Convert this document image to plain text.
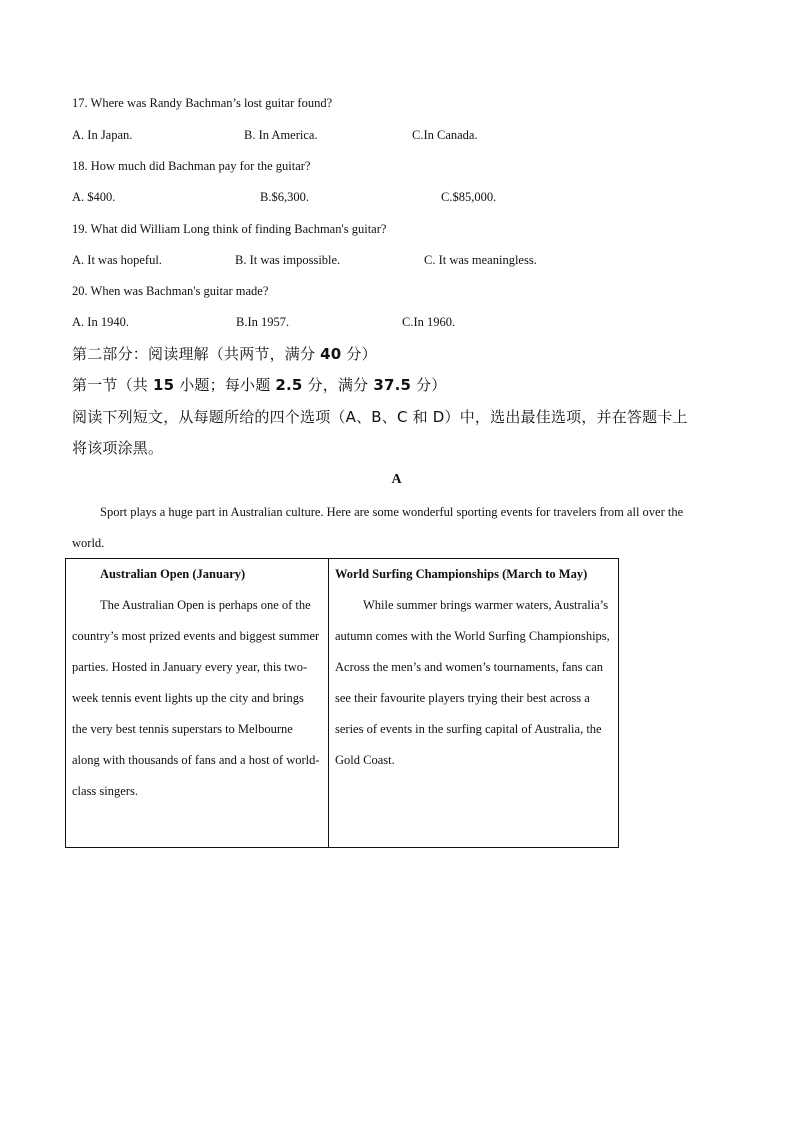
17. Where was Randy Bachman’s lost guitar found?
A. In Japan.	B. In America.	C.In Canada.
18. How much did Bachman pay for the guitar?
A. $400.	B.$6,300.	C.$85,000.
19. What did William Long think of finding Bachman's guitar?
A. It was hopeful.	B. It was impossible.	C. It was meaningless.
20. When was Bachman's guitar made?
A. In 1940.	B.In 1957.	C.In 1960.
第二部分：阅读理解（共两节，满分 40 分）
第一节（共 15 小题；每小题 2.5 分，满分 37.5 分）
阅读下列短文，从每题所给的四个选项（A、B、C 和 D）中，选出最佳选项，并在答题卡上
将该项涂黑。
A
Sport plays a huge part in Australian culture. Here are some wonderful sporting events for travelers from all over the world.
Australian Open (January)
The Australian Open is perhaps one of the country’s most prized events and biggest summer parties. Hosted in January every year, this two-week tennis event lights up the city and brings the very best tennis superstars to Melbourne along with thousands of fans and a host of world-class singers.
World Surfing Championships (March to May)
While summer brings warmer waters, Australia’s autumn comes with the World Surfing Championships, Across the men’s and women’s tournaments, fans can see their favourite players trying their best across a series of events in the surfing capital of Australia, the Gold Coast.
